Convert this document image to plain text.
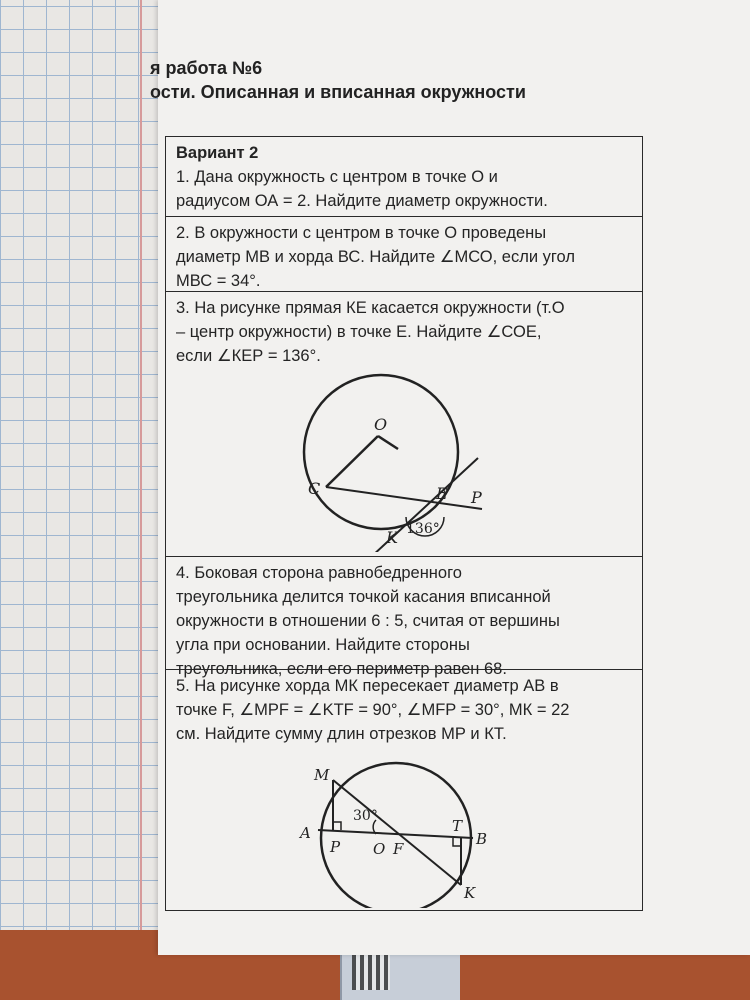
я работа №6
ости. Описанная и вписанная окружности
Вариант 2
1. Дана окружность с центром в точке О и
радиусом ОА = 2. Найдите диаметр окружности.
2. В окружности с центром в точке О проведены
диаметр МВ и хорда ВС. Найдите ∠МСО, если угол
МВС = 34°.
3. На рисунке прямая КЕ касается окружности (т.О
– центр окружности) в точке Е. Найдите ∠СОЕ,
если ∠КЕР = 136°.
O
C	E P
K 136°
4. Боковая сторона равнобедренного
треугольника делится точкой касания вписанной
окружности в отношении 6 : 5, считая от вершины
угла при основании. Найдите стороны
треугольника, если его периметр равен 68.
5. На рисунке хорда МК пересекает диаметр АВ в
точке F, ∠MPF = ∠KTF = 90°, ∠MFP = 30°, МК = 22
см. Найдите сумму длин отрезков МР и КТ.
M
A
P O F
T
B
K
30°
